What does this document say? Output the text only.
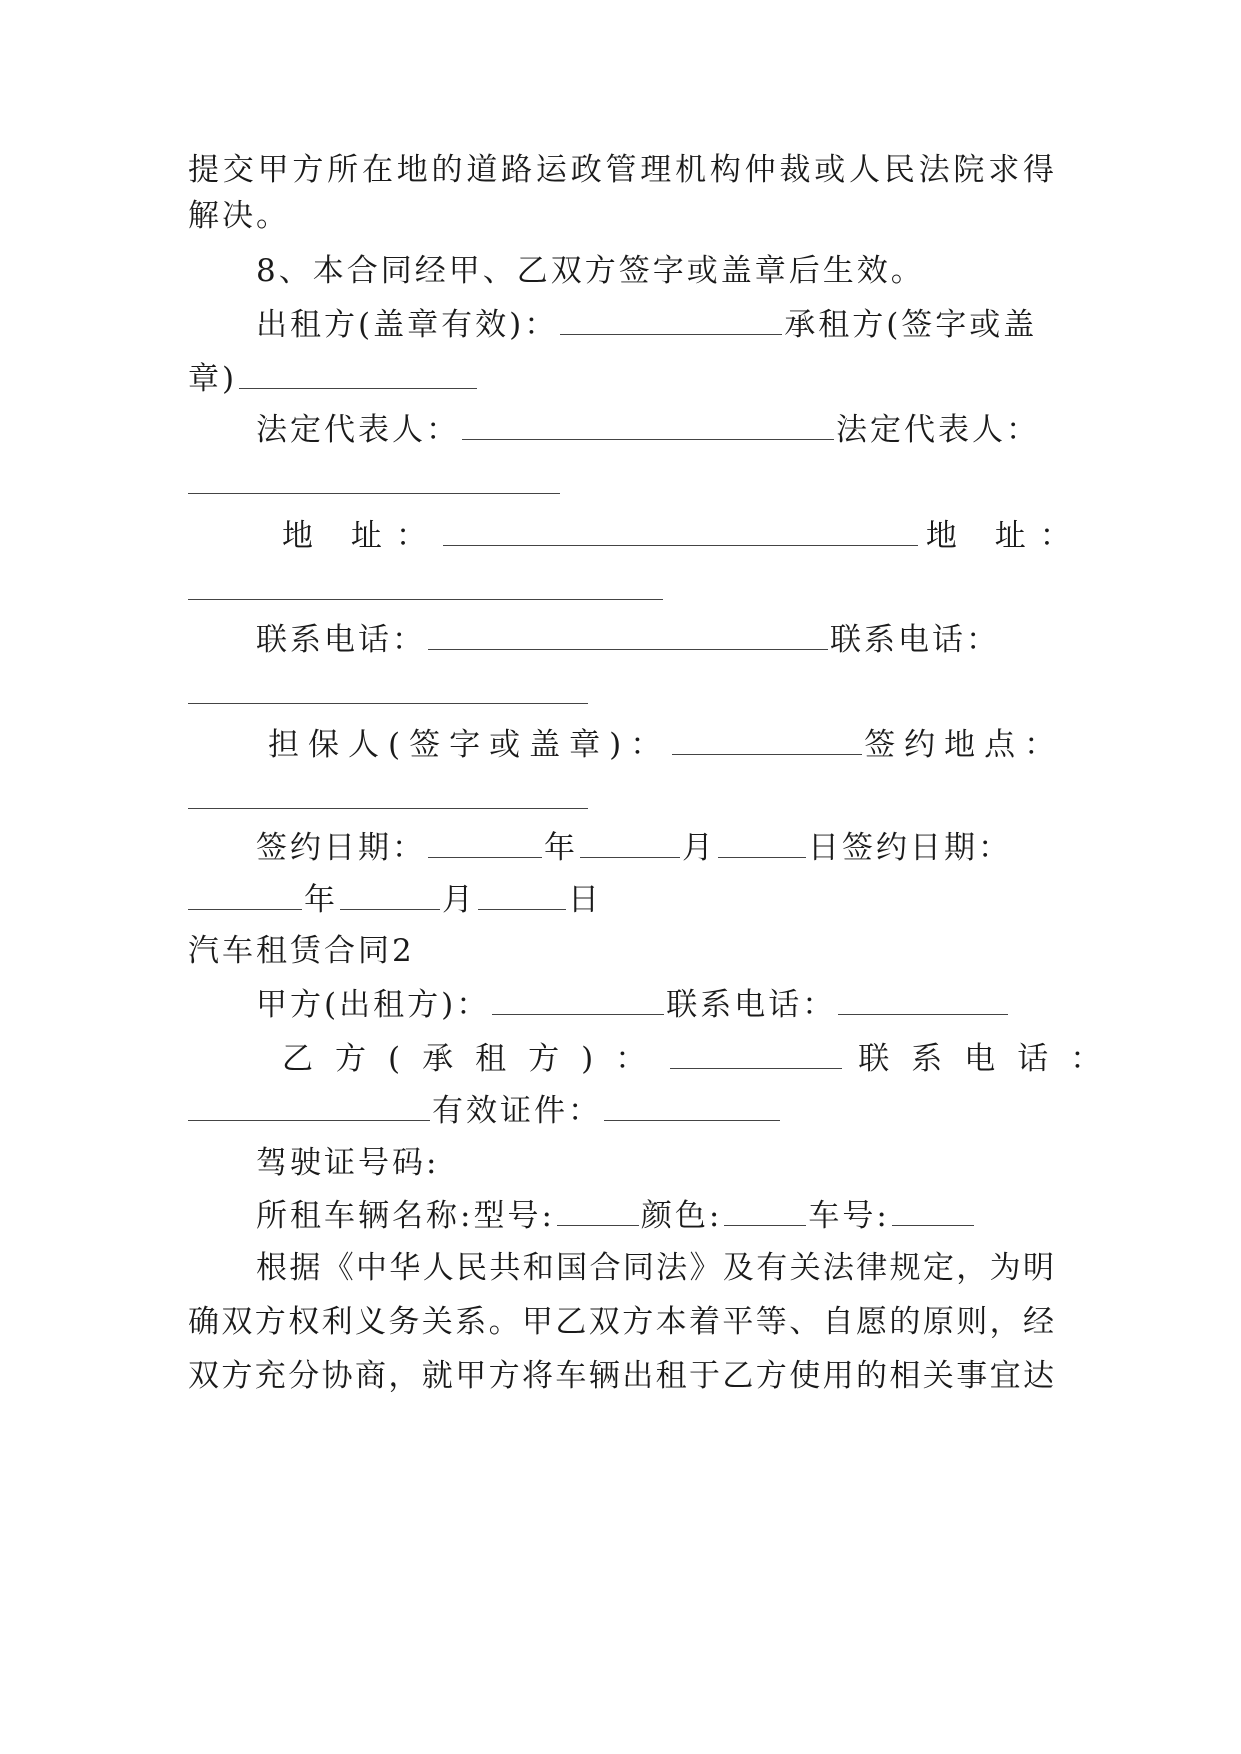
提交甲方所在地的道路运政管理机构仲裁或人民法院求得
解决。
8、本合同经甲、乙双方签字或盖章后生效。
出租方(盖章有效)：	承租方(签字或盖
章)
法定代表人：	法定代表人：
地 址：	地 址：
联系电话：	联系电话：
担保人(签字或盖章)：	签约地点：
签约日期：	年	月	日签约日期：
年	月	日
汽车租赁合同2
甲方(出租方)：	联系电话：
乙方(承租方)：	联系电话：
有效证件：
驾驶证号码:
所租车辆名称:型号:	颜色:	车号:
根据《中华人民共和国合同法》及有关法律规定，为明
确双方权利义务关系。甲乙双方本着平等、自愿的原则，经
双方充分协商，就甲方将车辆出租于乙方使用的相关事宜达
